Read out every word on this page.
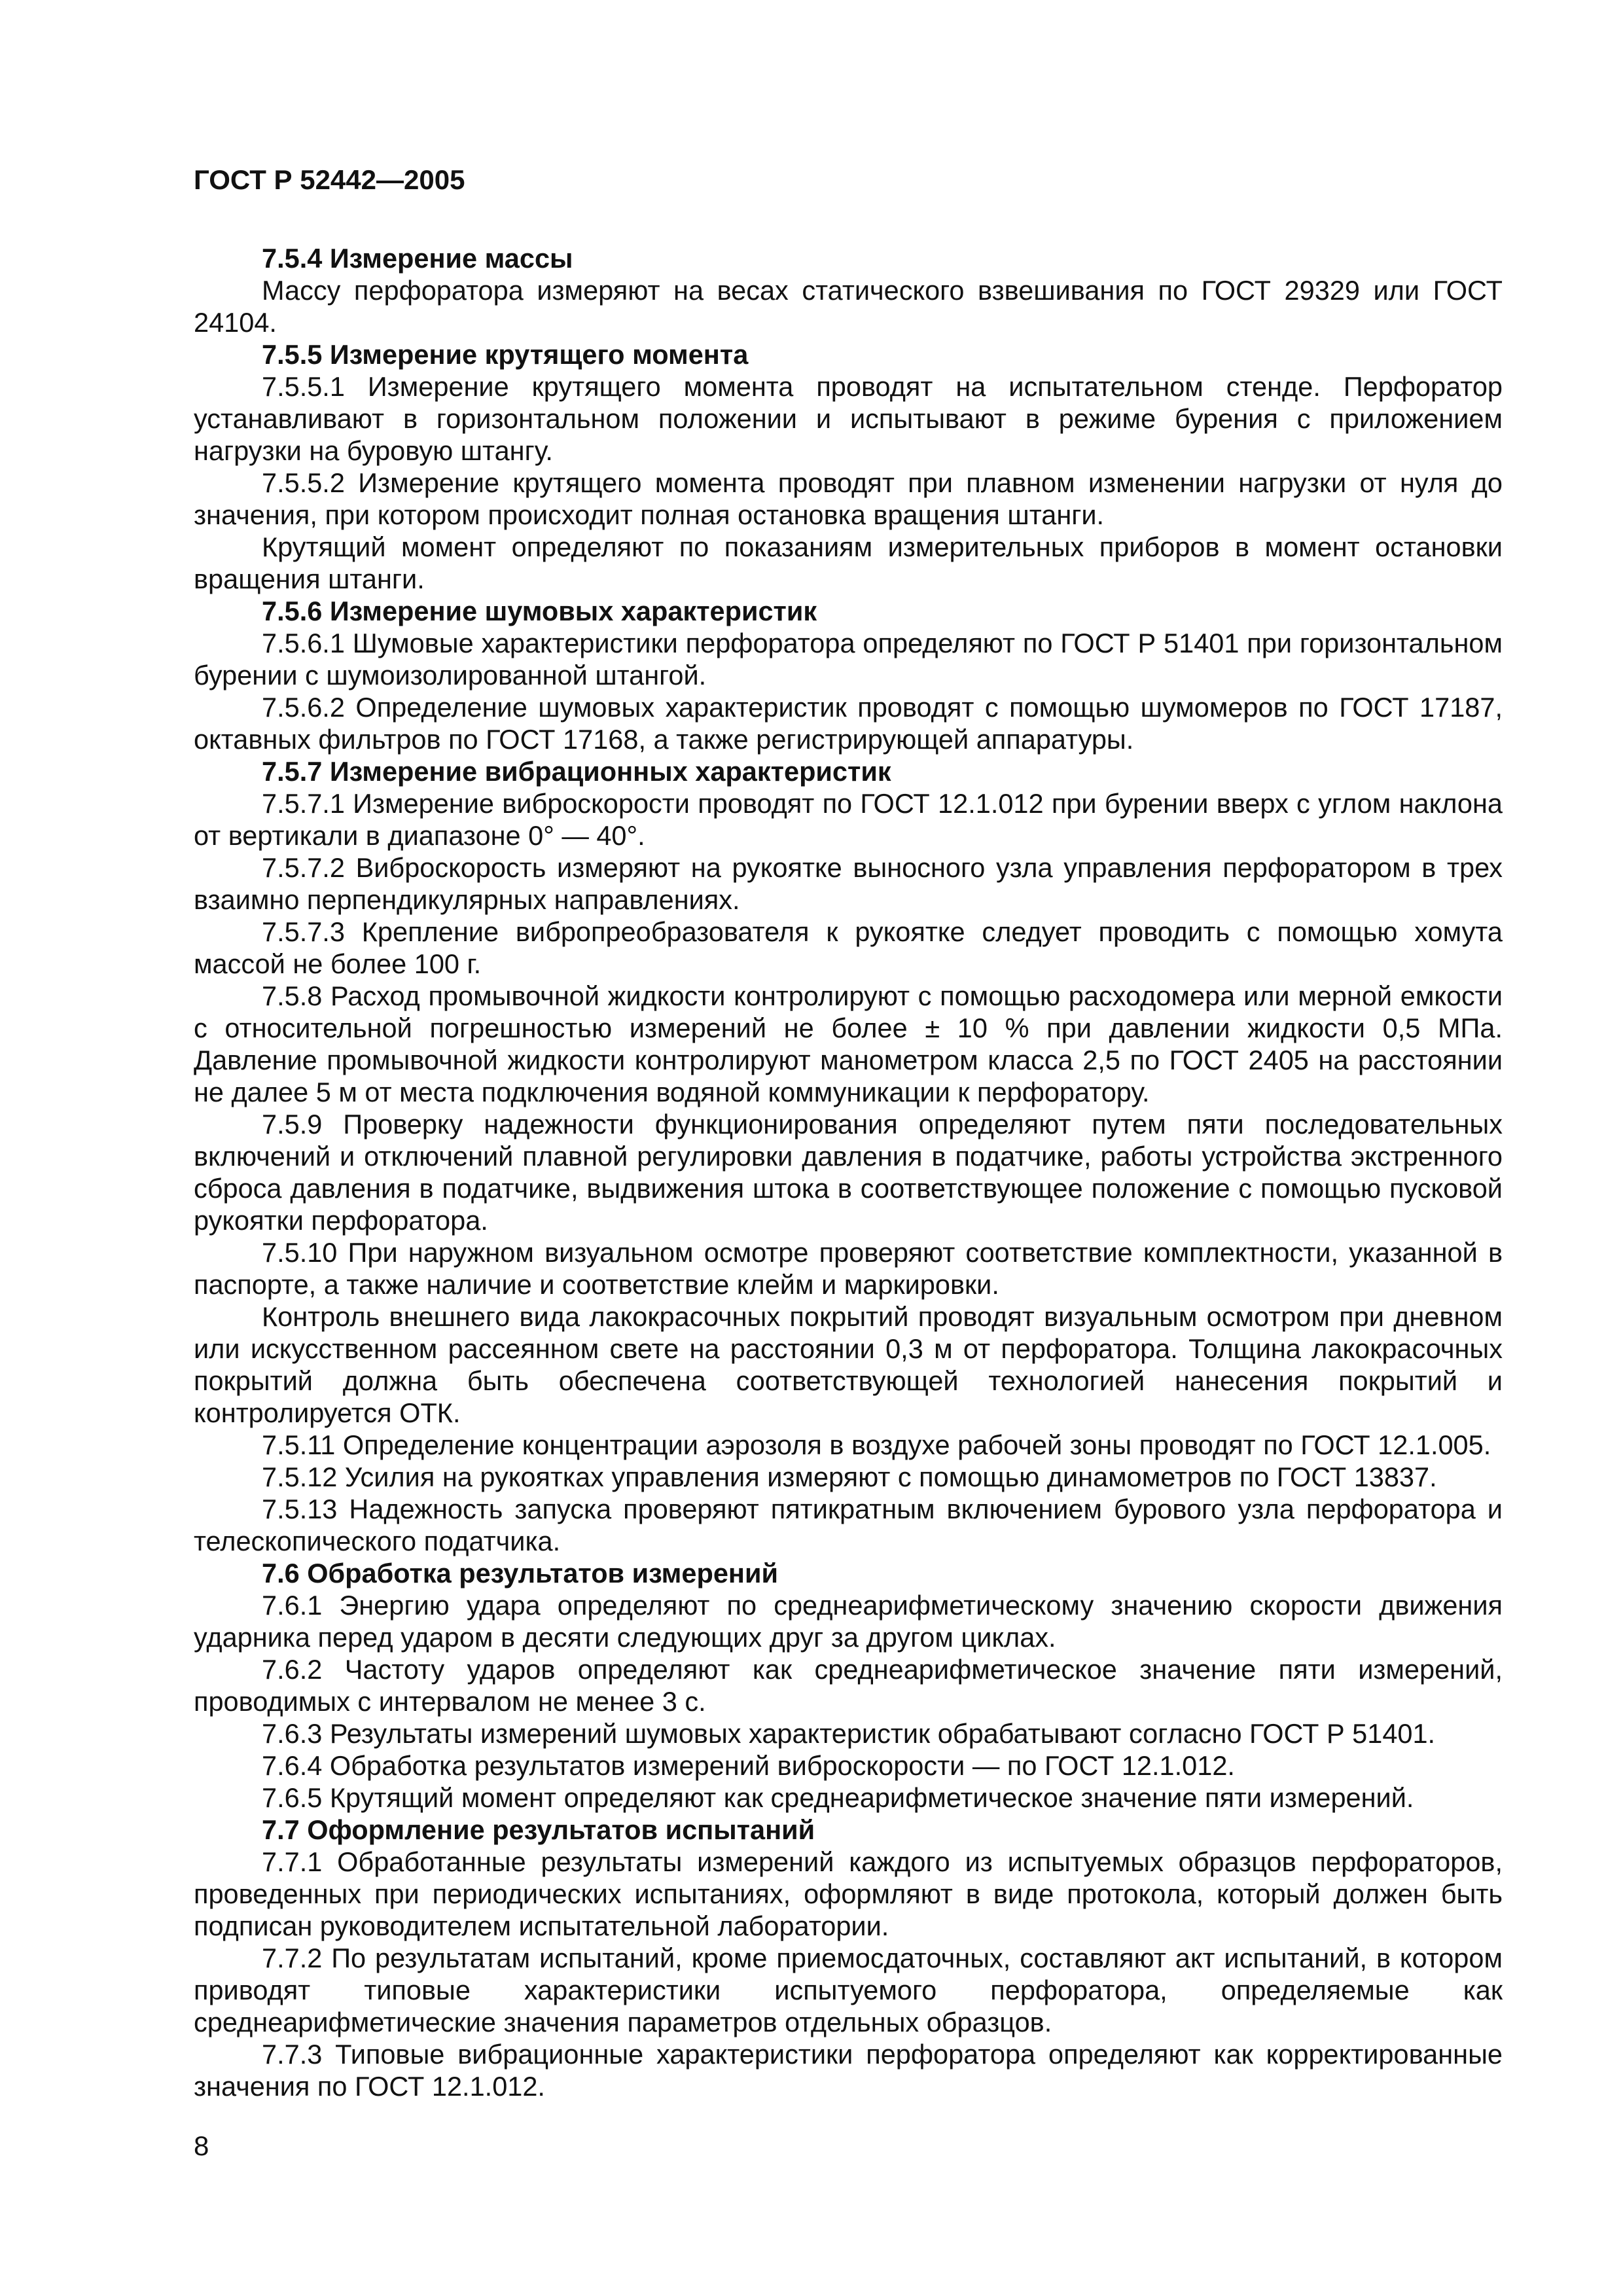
ГОСТ Р 52442—2005

7.5.4 Измерение массы

Массу перфоратора измеряют на весах статического взвешивания по ГОСТ 29329 или ГОСТ 24104.

7.5.5 Измерение крутящего момента

7.5.5.1 Измерение крутящего момента проводят на испытательном стенде. Перфоратор устанавливают в горизонтальном положении и испытывают в режиме бурения с приложением нагрузки на буровую штангу.

7.5.5.2 Измерение крутящего момента проводят при плавном изменении нагрузки от нуля до значения, при котором происходит полная остановка вращения штанги.

Крутящий момент определяют по показаниям измерительных приборов в момент остановки вращения штанги.

7.5.6 Измерение шумовых характеристик

7.5.6.1 Шумовые характеристики перфоратора определяют по ГОСТ Р 51401 при горизонтальном бурении с шумоизолированной штангой.

7.5.6.2 Определение шумовых характеристик проводят с помощью шумомеров по ГОСТ 17187, октавных фильтров по ГОСТ 17168, а также регистрирующей аппаратуры.

7.5.7 Измерение вибрационных характеристик

7.5.7.1 Измерение виброскорости проводят по ГОСТ 12.1.012 при бурении вверх с углом наклона от вертикали в диапазоне 0° — 40°.

7.5.7.2 Виброскорость измеряют на рукоятке выносного узла управления перфоратором в трех взаимно перпендикулярных направлениях.

7.5.7.3 Крепление вибропреобразователя к рукоятке следует проводить с помощью хомута массой не более 100 г.

7.5.8 Расход промывочной жидкости контролируют с помощью расходомера или мерной емкости с относительной погрешностью измерений не более ± 10 % при давлении жидкости 0,5 МПа. Давление промывочной жидкости контролируют манометром класса 2,5 по ГОСТ 2405 на расстоянии не далее 5 м от места подключения водяной коммуникации к перфоратору.

7.5.9 Проверку надежности функционирования определяют путем пяти последовательных включений и отключений плавной регулировки давления в податчике, работы устройства экстренного сброса давления в податчике, выдвижения штока в соответствующее положение с помощью пусковой рукоятки перфоратора.

7.5.10 При наружном визуальном осмотре проверяют соответствие комплектности, указанной в паспорте, а также наличие и соответствие клейм и маркировки.

Контроль внешнего вида лакокрасочных покрытий проводят визуальным осмотром при дневном или искусственном рассеянном свете на расстоянии 0,3 м от перфоратора. Толщина лакокрасочных покрытий должна быть обеспечена соответствующей технологией нанесения покрытий и контролируется ОТК.

7.5.11 Определение концентрации аэрозоля в воздухе рабочей зоны проводят по ГОСТ 12.1.005.

7.5.12 Усилия на рукоятках управления измеряют с помощью динамометров по ГОСТ 13837.

7.5.13 Надежность запуска проверяют пятикратным включением бурового узла перфоратора и телескопического податчика.

7.6 Обработка результатов измерений

7.6.1 Энергию удара определяют по среднеарифметическому значению скорости движения ударника перед ударом в десяти следующих друг за другом циклах.

7.6.2 Частоту ударов определяют как среднеарифметическое значение пяти измерений, проводимых с интервалом не менее 3 с.

7.6.3 Результаты измерений шумовых характеристик обрабатывают согласно ГОСТ Р 51401.

7.6.4 Обработка результатов измерений виброскорости — по ГОСТ 12.1.012.

7.6.5 Крутящий момент определяют как среднеарифметическое значение пяти измерений.

7.7 Оформление результатов испытаний

7.7.1 Обработанные результаты измерений каждого из испытуемых образцов перфораторов, проведенных при периодических испытаниях, оформляют в виде протокола, который должен быть подписан руководителем испытательной лаборатории.

7.7.2 По результатам испытаний, кроме приемосдаточных, составляют акт испытаний, в котором приводят типовые характеристики испытуемого перфоратора, определяемые как среднеарифметические значения параметров отдельных образцов.

7.7.3 Типовые вибрационные характеристики перфоратора определяют как корректированные значения по ГОСТ 12.1.012.

8
